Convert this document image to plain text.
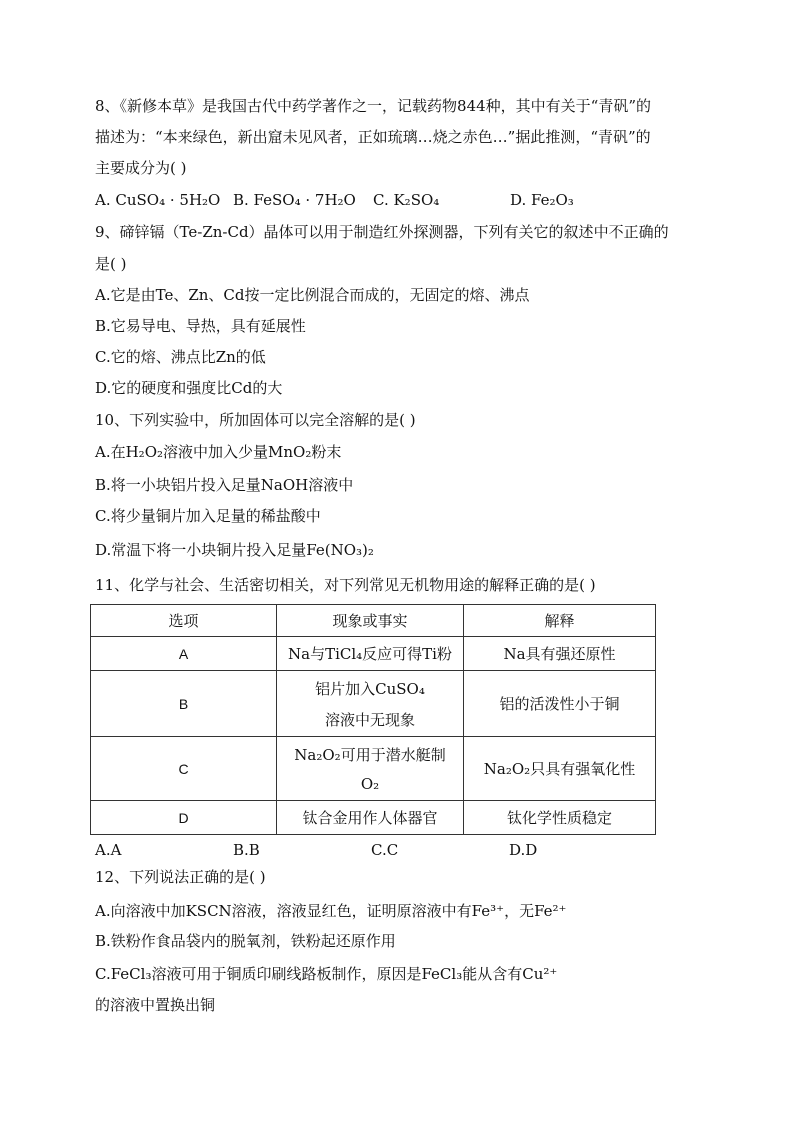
8、《新修本草》是我国古代中药学著作之一，记载药物844种，其中有关于“青矾”的
描述为：“本来绿色，新出窟未见风者，正如琉璃…烧之赤色…”据此推测，“青矾”的
主要成分为( )
A. CuSO₄ · 5H₂O B. FeSO₄ · 7H₂O C. K₂SO₄	D. Fe₂O₃
9、碲锌镉（Te-Zn-Cd）晶体可以用于制造红外探测器，下列有关它的叙述中不正确的
是( )
A.它是由Te、Zn、Cd按一定比例混合而成的，无固定的熔、沸点
B.它易导电、导热，具有延展性
C.它的熔、沸点比Zn的低
D.它的硬度和强度比Cd的大
10、下列实验中，所加固体可以完全溶解的是( )
A.在H₂O₂溶液中加入少量MnO₂粉末
B.将一小块铝片投入足量NaOH溶液中
C.将少量铜片加入足量的稀盐酸中
D.常温下将一小块铜片投入足量Fe(NO₃)₂
11、化学与社会、生活密切相关，对下列常见无机物用途的解释正确的是( )
选项	现象或事实	解释
A	Na与TiCl₄反应可得Ti粉	Na具有强还原性
B	铝片加入CuSO₄
溶液中无现象	铝的活泼性小于铜
C	Na₂O₂可用于潜水艇制
O₂	Na₂O₂只具有强氧化性
D	钛合金用作人体器官	钛化学性质稳定
A.A	B.B	C.C	D.D
12、下列说法正确的是( )
A.向溶液中加KSCN溶液，溶液显红色，证明原溶液中有Fe³⁺，无Fe²⁺
B.铁粉作食品袋内的脱氧剂，铁粉起还原作用
C.FeCl₃溶液可用于铜质印刷线路板制作，原因是FeCl₃能从含有Cu²⁺
的溶液中置换出铜
